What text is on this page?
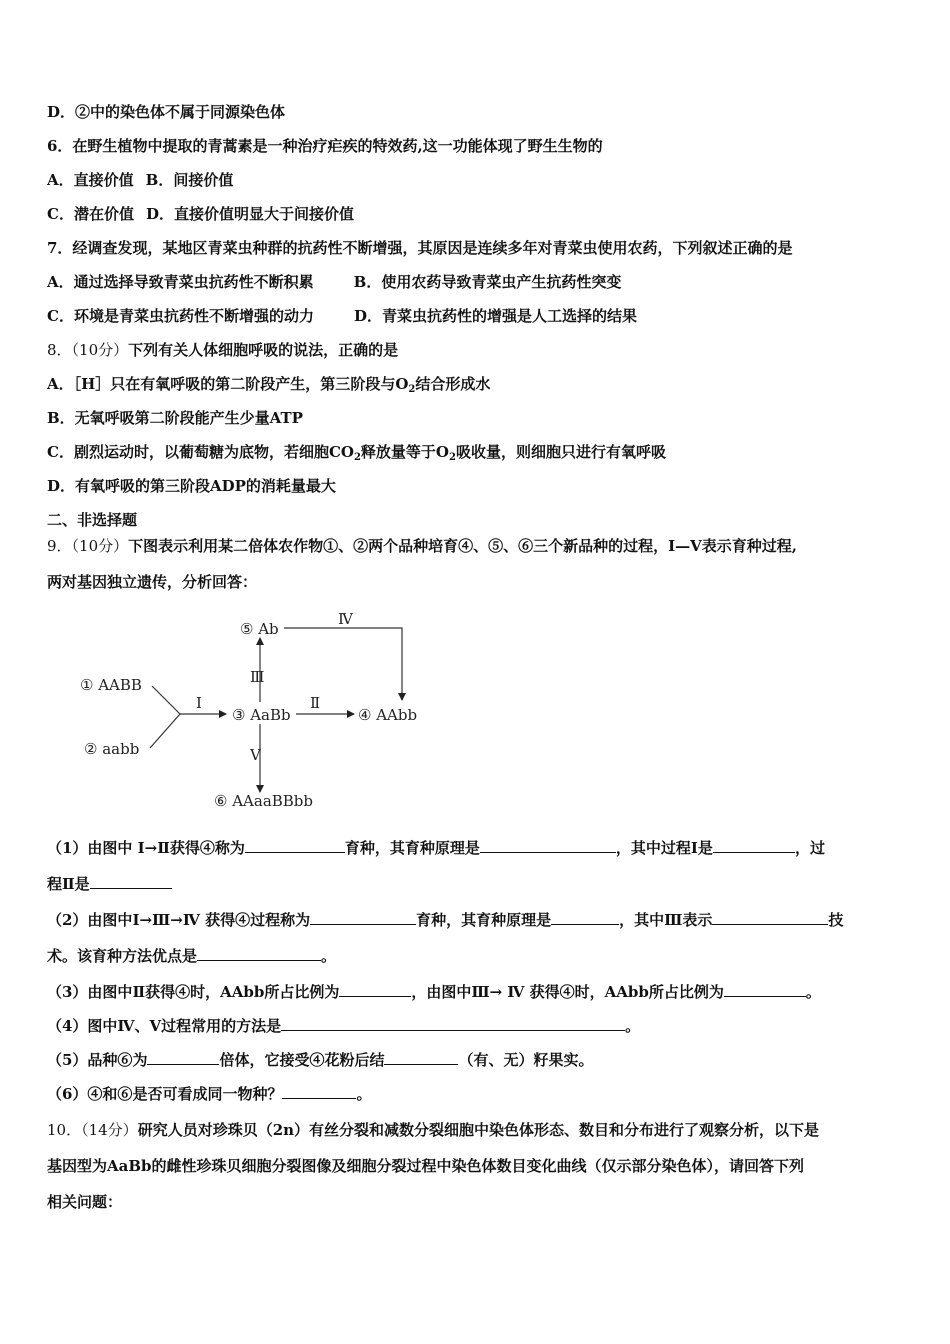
D．②中的染色体不属于同源染色体
6．在野生植物中提取的青蒿素是一种治疗疟疾的特效药,这一功能体现了野生生物的
A．直接价值 B．间接价值
C．潜在价值 D．直接价值明显大于间接价值
7．经调查发现，某地区青菜虫种群的抗药性不断增强，其原因是连续多年对青菜虫使用农药，下列叙述正确的是
A．通过选择导致青菜虫抗药性不断积累	B．使用农药导致青菜虫产生抗药性突变
C．环境是青菜虫抗药性不断增强的动力	D．青菜虫抗药性的增强是人工选择的结果
8．（10分）下列有关人体细胞呼吸的说法，正确的是
A．［H］只在有氧呼吸的第二阶段产生，第三阶段与$O_2$结合形成水
B．无氧呼吸第二阶段能产生少量ATP
C．剧烈运动时，以葡萄糖为底物，若细胞$CO_2$释放量等于$O_2$吸收量，则细胞只进行有氧呼吸
D．有氧呼吸的第三阶段ADP的消耗量最大
二、非选择题
9．（10分）下图表示利用某二倍体农作物①、②两个品种培育④、⑤、⑥三个新品种的过程，Ⅰ—Ⅴ表示育种过程,
两对基因独立遗传，分析回答：
① AABB
② aabb
Ⅰ
③ AaBb
Ⅱ
④ AAbb
Ⅲ
⑤ Ab
Ⅳ
Ⅴ
⑥ AAaaBBbb
（1）由图中 Ⅰ→Ⅱ获得④称为	育种，其育种原理是	，其中过程Ⅰ是	，过
程Ⅱ是
（2）由图中Ⅰ→Ⅲ→Ⅳ 获得④过程称为	育种，其育种原理是	，其中Ⅲ表示	技
术。该育种方法优点是	。
（3）由图中Ⅱ获得④时，AAbb所占比例为	，由图中Ⅲ→ Ⅳ 获得④时，AAbb所占比例为	。
（4）图中Ⅳ、Ⅴ过程常用的方法是	。
（5）品种⑥为	倍体，它接受④花粉后结	（有、无）籽果实。
（6）④和⑥是否可看成同一物种？	。
10．（14分）研究人员对珍珠贝（2n）有丝分裂和减数分裂细胞中染色体形态、数目和分布进行了观察分析，以下是
基因型为AaBb的雌性珍珠贝细胞分裂图像及细胞分裂过程中染色体数目变化曲线（仅示部分染色体），请回答下列
相关问题：
